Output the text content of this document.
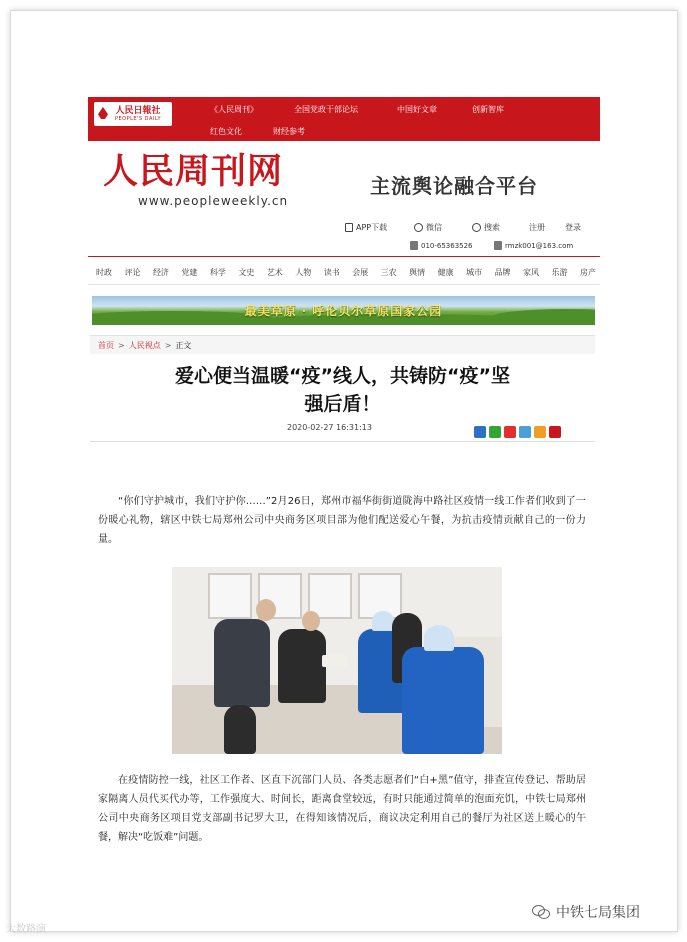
人民日報社
PEOPLE'S DAILY
《人民周刊》	全国党政干部论坛	中国好文章	创新智库
红色文化	财经参考
人民周刊网
www.peopleweekly.cn
主流舆论融合平台
APP下载	微信	搜索	注册	登录
010-65363526	rmzk001@163.com
时政 评论 经济 党建 科学 文史 艺术 人物 读书 会展 三农 舆情 健康 城市 品牌 家风 乐游 房产
最美草原 · 呼伦贝尔草原国家公园
首页 > 人民视点 > 正文
爱心便当温暖“疫”线人，共铸防“疫”坚
强后盾！
2020-02-27 16:31:13
“你们守护城市，我们守护你……”2月26日，郑州市福华街街道陇海中路社区疫情一线工作者们收到了一份暖心礼物，辖区中铁七局郑州公司中央商务区项目部为他们配送爱心午餐，为抗击疫情贡献自己的一份力量。
在疫情防控一线，社区工作者、区直下沉部门人员、各类志愿者们“白+黑”值守，排查宣传登记、帮助居家隔离人员代买代办等，工作强度大、时间长，距离食堂较远，有时只能通过简单的泡面充饥，中铁七局郑州公司中央商务区项目党支部副书记罗大卫，在得知该情况后，商议决定利用自己的餐厅为社区送上暖心的午餐，解决“吃饭难”问题。
大数路演
中铁七局集团
